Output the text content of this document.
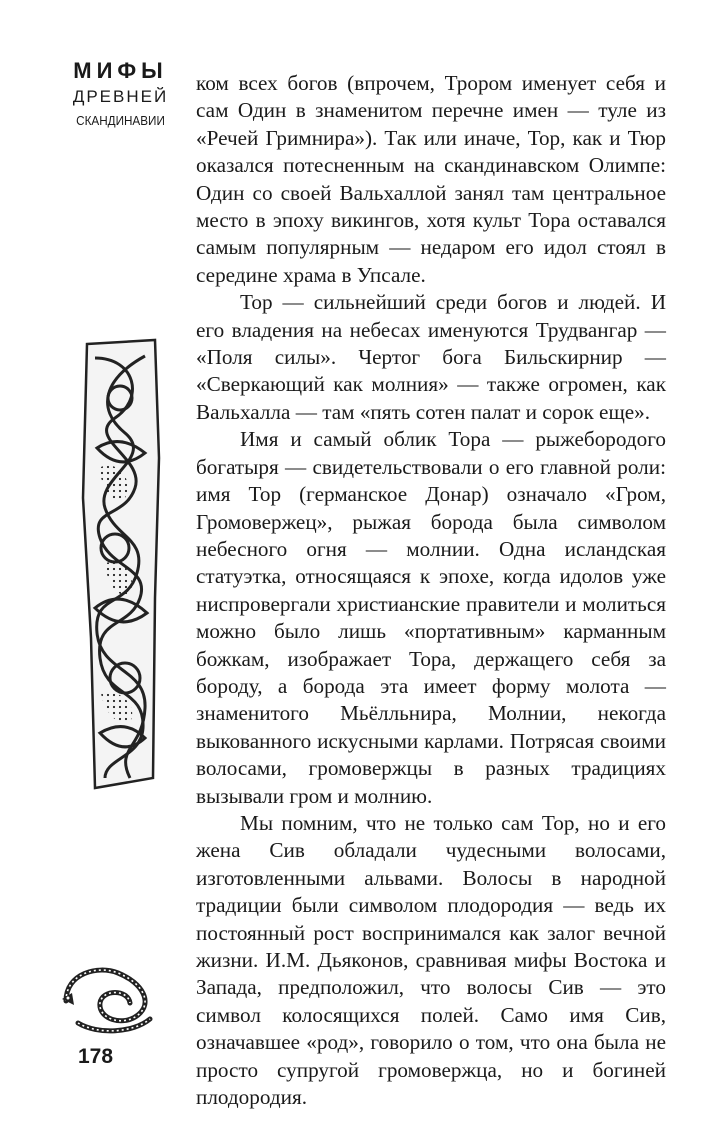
МИФЫ
ДРЕВНЕЙ
СКАНДИНАВИИ
178

ком всех богов (впрочем, Трором именует себя и сам Один в знаменитом перечне имен — туле из «Речей Гримнира»). Так или иначе, Тор, как и Тюр оказался потесненным на скандинавском Олимпе: Один со своей Вальхаллой занял там центральное место в эпоху викингов, хотя культ Тора оставался самым популярным — недаром его идол стоял в середине храма в Упсале.

Тор — сильнейший среди богов и людей. И его владения на небесах именуются Трудвангар — «Поля силы». Чертог бога Бильскирнир — «Сверкающий как молния» — также огромен, как Вальхалла — там «пять сотен палат и сорок еще».

Имя и самый облик Тора — рыжебородого богатыря — свидетельствовали о его главной роли: имя Тор (германское Донар) означало «Гром, Громовержец», рыжая борода была символом небесного огня — молнии. Одна исландская статуэтка, относящаяся к эпохе, когда идолов уже ниспровергали христианские правители и молиться можно было лишь «портативным» карманным божкам, изображает Тора, держащего себя за бороду, а борода эта имеет форму молота — знаменитого Мьёлльнира, Молнии, некогда выкованного искусными карлами. Потрясая своими волосами, громовержцы в разных традициях вызывали гром и молнию.

Мы помним, что не только сам Тор, но и его жена Сив обладали чудесными волосами, изготовленными альвами. Волосы в народной традиции были символом плодородия — ведь их постоянный рост воспринимался как залог вечной жизни. И.М. Дьяконов, сравнивая мифы Востока и Запада, предположил, что волосы Сив — это символ колосящихся полей. Само имя Сив, означавшее «род», говорило о том, что она была не просто супругой громовержца, но и богиней плодородия.
